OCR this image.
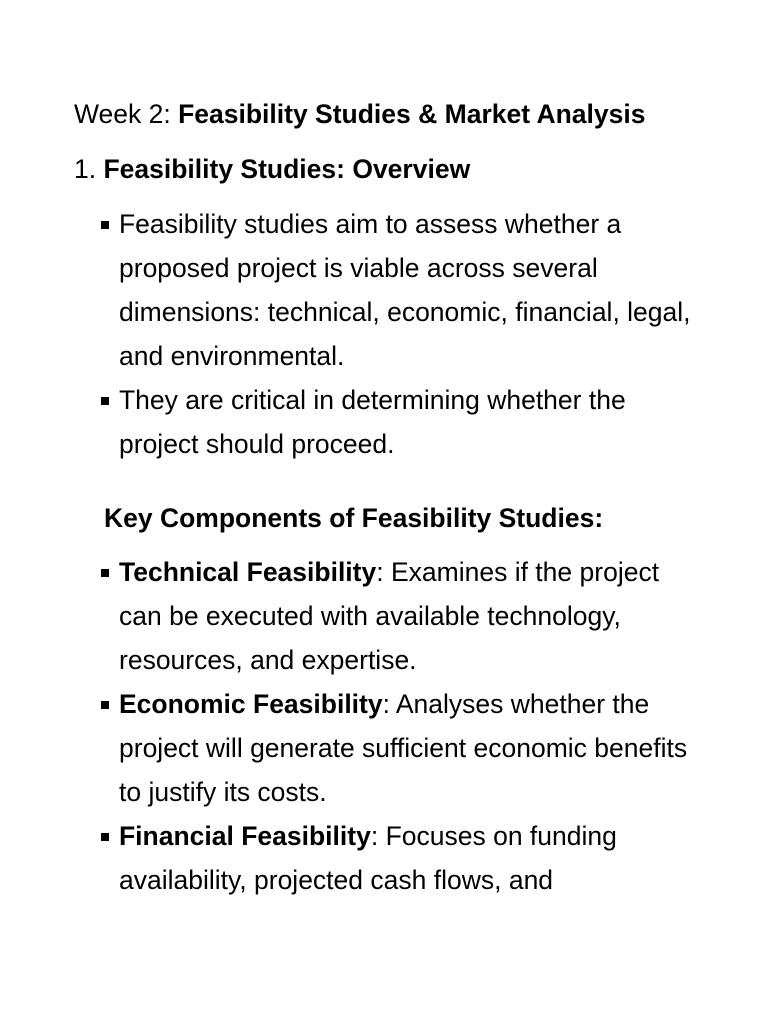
Week 2: Feasibility Studies & Market Analysis
1. Feasibility Studies: Overview
Feasibility studies aim to assess whether a proposed project is viable across several dimensions: technical, economic, financial, legal, and environmental.
They are critical in determining whether the project should proceed.
Key Components of Feasibility Studies:
Technical Feasibility: Examines if the project can be executed with available technology, resources, and expertise.
Economic Feasibility: Analyses whether the project will generate sufficient economic benefits to justify its costs.
Financial Feasibility: Focuses on funding availability, projected cash flows, and
